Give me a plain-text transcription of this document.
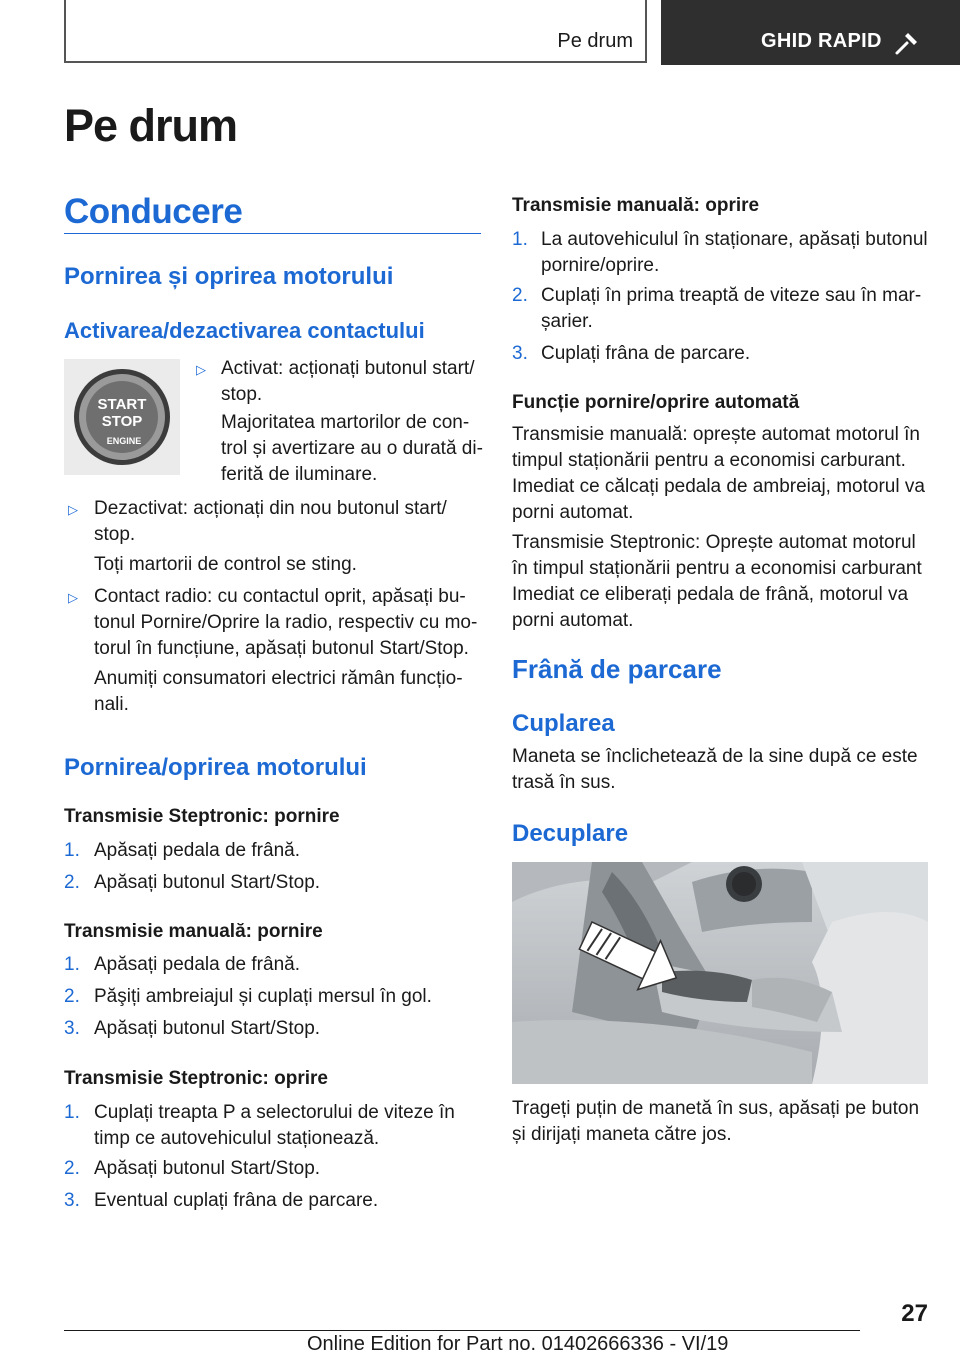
Pe drum	GHID RAPID
Pe drum
Conducere
Pornirea și oprirea motorului
Activarea/dezactivarea contactului
START
STOP
ENGINE
▷ Activat: acționați butonul start/
stop.
Majoritatea martorilor de con-
trol și avertizare au o durată di-
ferită de iluminare.
▷ Dezactivat: acționați din nou butonul start/
stop.
Toți martorii de control se sting.
▷ Contact radio: cu contactul oprit, apăsați bu-
tonul Pornire/Oprire la radio, respectiv cu mo-
torul în funcțiune, apăsați butonul Start/Stop.
Anumiți consumatori electrici rămân funcțio-
nali.
Pornirea/oprirea motorului
Transmisie Steptronic: pornire
1. Apăsați pedala de frână.
2. Apăsați butonul Start/Stop.
Transmisie manuală: pornire
1. Apăsați pedala de frână.
2. Păşiți ambreiajul și cuplați mersul în gol.
3. Apăsați butonul Start/Stop.
Transmisie Steptronic: oprire
1. Cuplați treapta P a selectorului de viteze în
timp ce autovehiculul staționează.
2. Apăsați butonul Start/Stop.
3. Eventual cuplați frâna de parcare.
Transmisie manuală: oprire
1. La autovehiculul în staționare, apăsați butonul
pornire/oprire.
2. Cuplați în prima treaptă de viteze sau în mar-
șarier.
3. Cuplați frâna de parcare.
Funcție pornire/oprire automată
Transmisie manuală: oprește automat motorul în
timpul staționării pentru a economisi carburant.
Imediat ce călcați pedala de ambreiaj, motorul va
porni automat.
Transmisie Steptronic: Oprește automat motorul
în timpul staționării pentru a economisi carburant
Imediat ce eliberați pedala de frână, motorul va
porni automat.
Frână de parcare
Cuplarea
Maneta se înclichetează de la sine după ce este
trasă în sus.
Decuplare
Trageți puțin de manetă în sus, apăsați pe buton
și dirijați maneta către jos.
27
Online Edition for Part no. 01402666336 - VI/19
